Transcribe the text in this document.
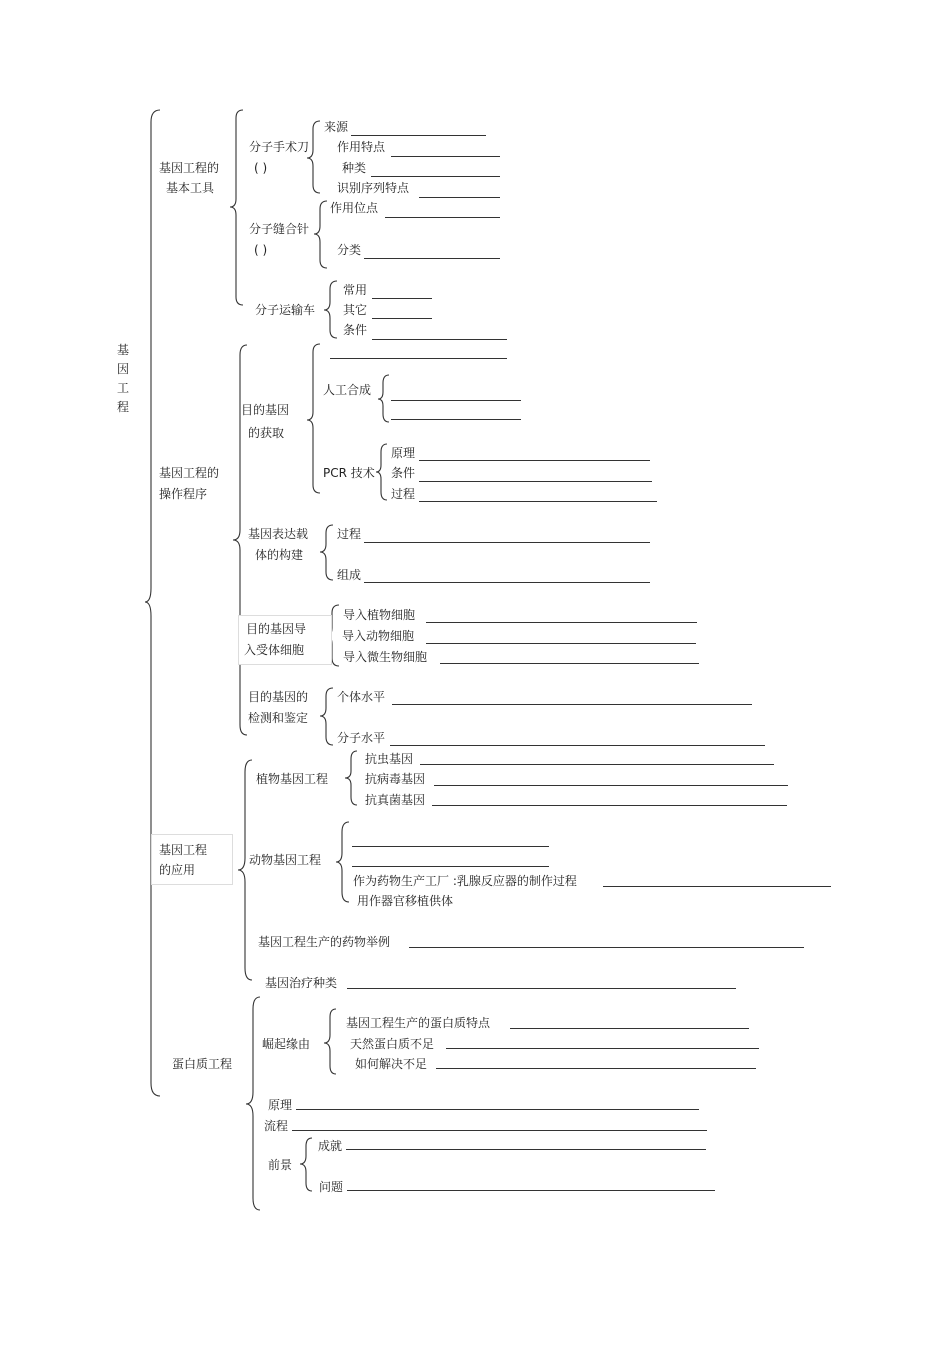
基
因
工
程
基因工程的
基本工具
分子手术刀
( )
来源
作用特点
种类
识别序列特点
分子缝合针
( )
作用位点
分类
分子运输车
常用
其它
条件
基因工程的
操作程序
目的基因
的获取
人工合成
PCR 技术
原理
条件
过程
基因表达载
体的构建
过程
组成
目的基因导
入受体细胞
导入植物细胞
导入动物细胞
导入微生物细胞
目的基因的
检测和鉴定
个体水平
分子水平
基因工程
的应用
植物基因工程
抗虫基因
抗病毒基因
抗真菌基因
动物基因工程
作为药物生产工厂 :乳腺反应器的制作过程
用作器官移植供体
基因工程生产的药物举例
基因治疗种类
蛋白质工程
崛起缘由
基因工程生产的蛋白质特点
天然蛋白质不足
如何解决不足
原理
流程
前景
成就
问题
